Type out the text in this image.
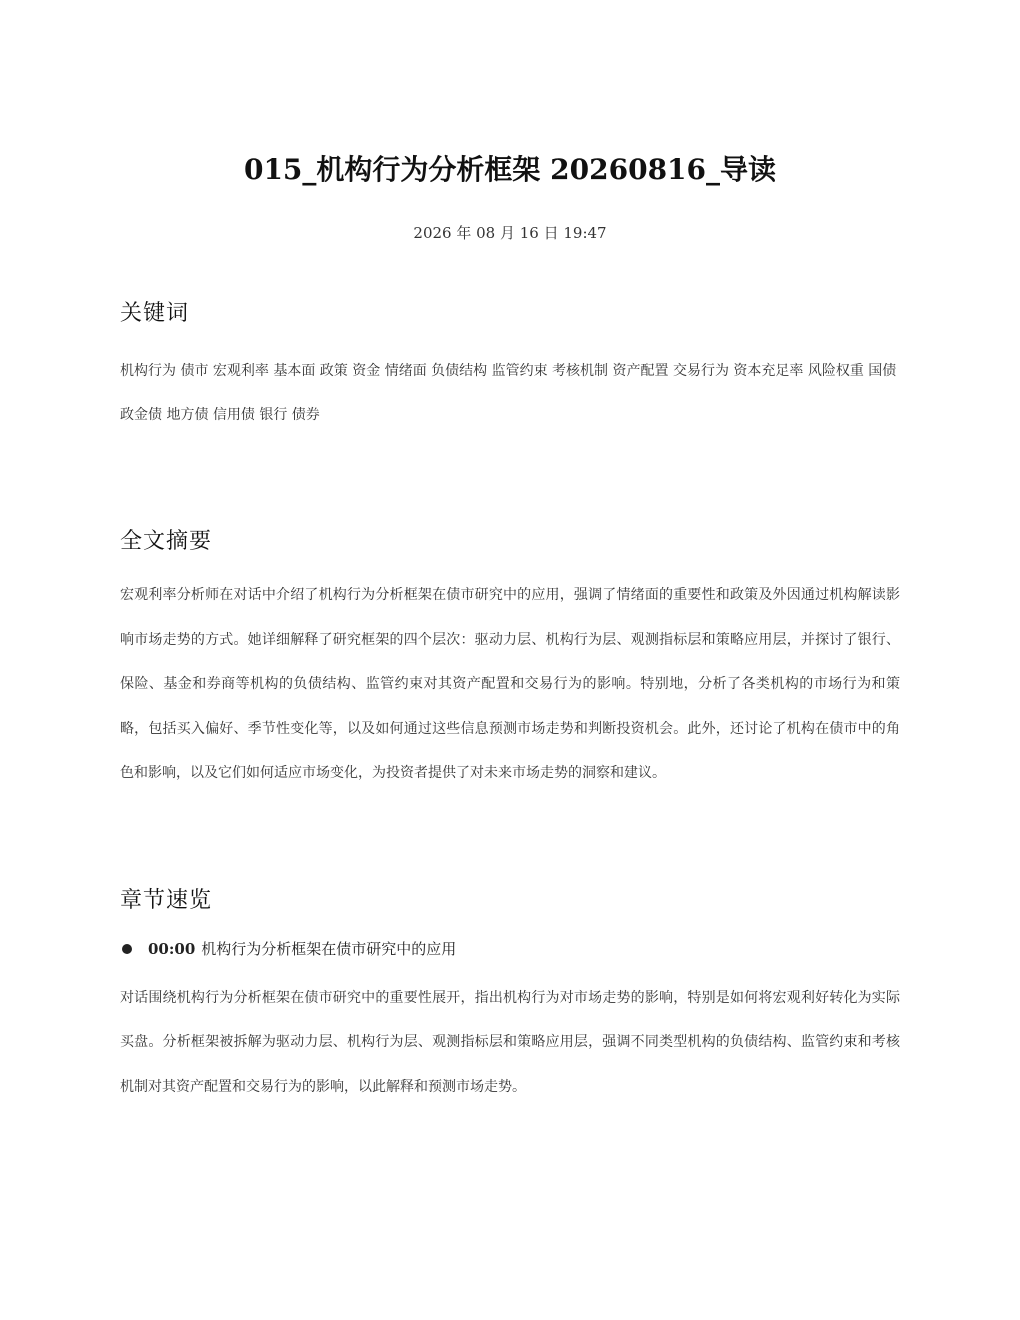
015_机构行为分析框架 20260816_导读
2026 年 08 月 16 日 19:47
关键词
机构行为 债市 宏观利率 基本面 政策 资金 情绪面 负债结构 监管约束 考核机制 资产配置 交易行为 资本充足率 风险权重 国债 政金债 地方债 信用债 银行 债券
全文摘要
宏观利率分析师在对话中介绍了机构行为分析框架在债市研究中的应用，强调了情绪面的重要性和政策及外因通过机构解读影响市场走势的方式。她详细解释了研究框架的四个层次：驱动力层、机构行为层、观测指标层和策略应用层，并探讨了银行、保险、基金和券商等机构的负债结构、监管约束对其资产配置和交易行为的影响。特别地，分析了各类机构的市场行为和策略，包括买入偏好、季节性变化等，以及如何通过这些信息预测市场走势和判断投资机会。此外，还讨论了机构在债市中的角色和影响，以及它们如何适应市场变化，为投资者提供了对未来市场走势的洞察和建议。
章节速览
00:00 机构行为分析框架在债市研究中的应用
对话围绕机构行为分析框架在债市研究中的重要性展开，指出机构行为对市场走势的影响，特别是如何将宏观利好转化为实际买盘。分析框架被拆解为驱动力层、机构行为层、观测指标层和策略应用层，强调不同类型机构的负债结构、监管约束和考核机制对其资产配置和交易行为的影响，以此解释和预测市场走势。
